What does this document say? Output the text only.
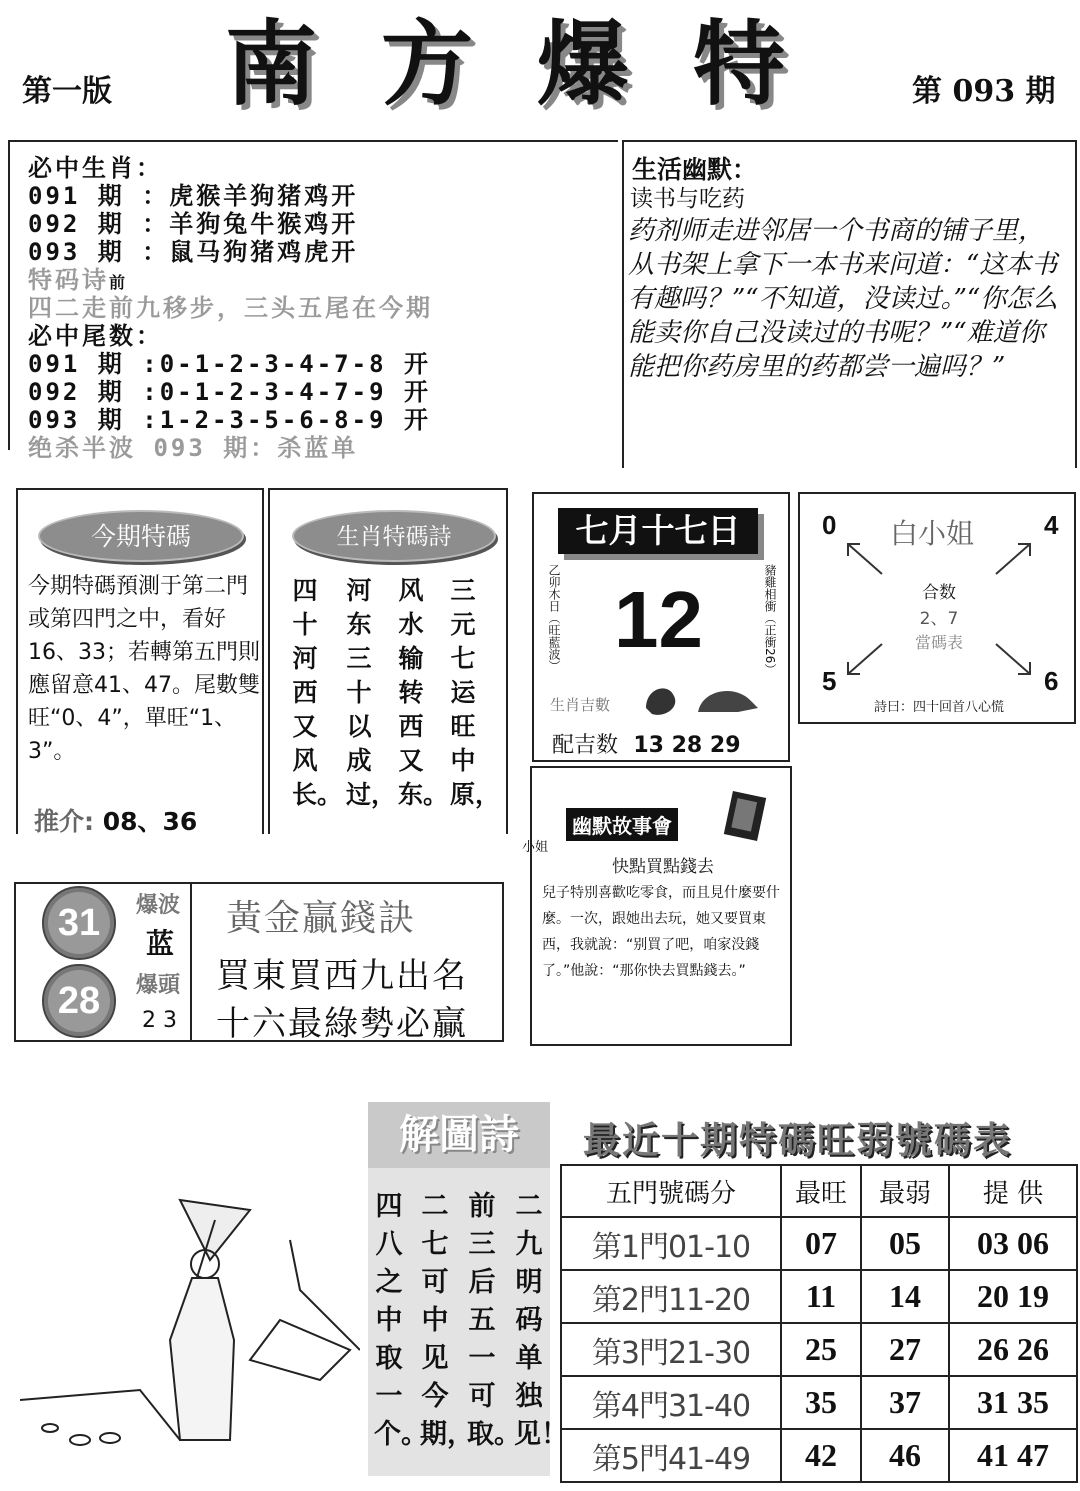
第一版 南 方 爆 特	第 093 期
必中生肖：
091 期 ：虎猴羊狗猪鸡开
092 期 ：羊狗兔牛猴鸡开
093 期 ：鼠马狗猪鸡虎开
特码诗前
四二走前九移步，三头五尾在今期
必中尾数：
091 期 :0-1-2-3-4-7-8 开
092 期 :0-1-2-3-4-7-9 开
093 期 :1-2-3-5-6-8-9 开
绝杀半波 093 期：杀蓝单
生活幽默：
读书与吃药
药剂师走进邻居一个书商的铺子里，从书架上拿下一本书来问道：“这本书有趣吗？”“不知道，没读过。”“你怎么能卖你自己没读过的书呢？”“难道你能把你药房里的药都尝一遍吗？”
今期特碼
今期特碼預測于第二門或第四門之中，看好16、33；若轉第五門則應留意41、47。尾數雙旺“0、4”，單旺“1、3”。
推介: 08、36
生肖特碼詩
三元七运旺中原，
风水输转西又东。
河东三十以成过，
四十河西又风长。
七月十七日
乙卯木日（旺藍波）	豬雞相衝（正衝26）
12
生肖吉數
配吉数 13 28 29
0	4
5	6
白小姐
合数
2、7
當碼表
詩曰：四十回首八心慌
小姐
幽默故事會
快點買點錢去
兒子特別喜歡吃零食，而且見什麼要什麼。一次，跟她出去玩，她又要買東西，我就說：“别買了吧，咱家没錢了。”他說：“那你快去買點錢去。”
31	爆波
蓝
28	爆頭
2 3
黃金贏錢訣
買東買西九出名
十六最綠勢必贏
解圖詩
二九明码单独见！
前三后五一可取。
二七可中见今期，
四八之中取一个。
最近十期特碼旺弱號碼表
五門號碼分	最旺	最弱	提 供
第1門01-10	07	05	03 06
第2門11-20	11	14	20 19
第3門21-30	25	27	26 26
第4門31-40	35	37	31 35
第5門41-49	42	46	41 47
